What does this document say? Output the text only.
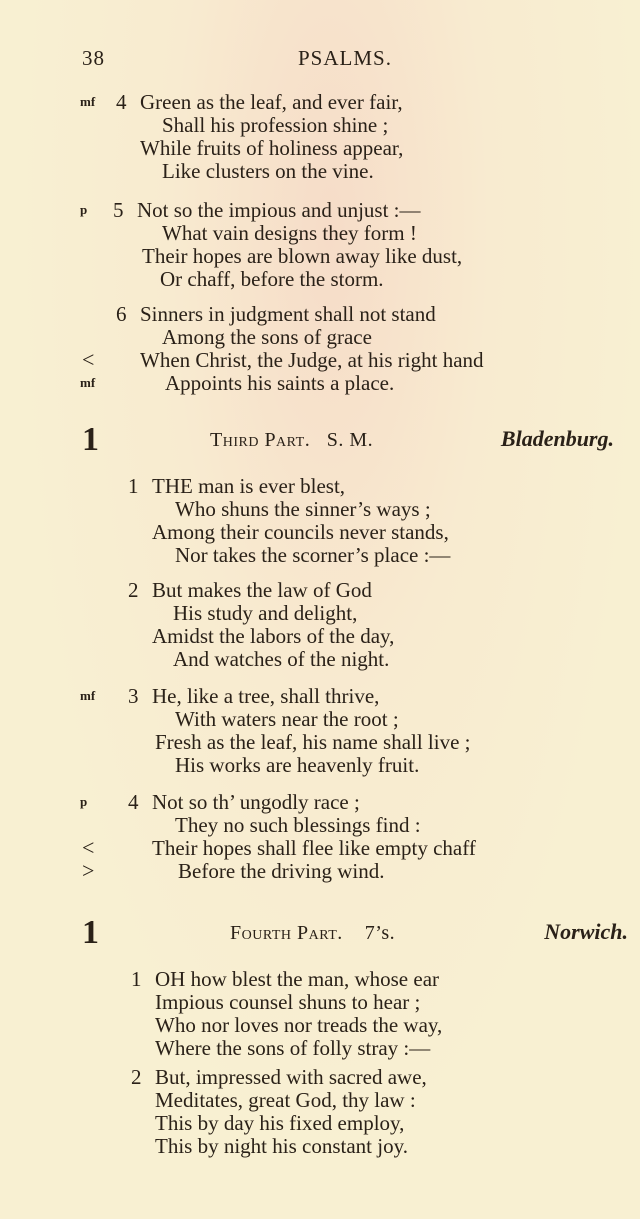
38	PSALMS.
1	Third Part. S. M.	Bladenburg.
1	Fourth Part. 7’s.	Norwich.
4 Green as the leaf, and ever fair,
mf
Shall his profession shine ;
While fruits of holiness appear,
Like clusters on the vine.
5 Not so the impious and unjust :—
p
What vain designs they form !
Their hopes are blown away like dust,
Or chaff, before the storm.
6 Sinners in judgment shall not stand
Among the sons of grace
When Christ, the Judge, at his right hand
<
Appoints his saints a place.
mf
1 THE man is ever blest,
Who shuns the sinner’s ways ;
Among their councils never stands,
Nor takes the scorner’s place :—
2 But makes the law of God
His study and delight,
Amidst the labors of the day,
And watches of the night.
3 He, like a tree, shall thrive,
mf
With waters near the root ;
Fresh as the leaf, his name shall live ;
His works are heavenly fruit.
4 Not so th’ ungodly race ;
p
They no such blessings find :
Their hopes shall flee like empty chaff
<
Before the driving wind.
>
1 OH how blest the man, whose ear
Impious counsel shuns to hear ;
Who nor loves nor treads the way,
Where the sons of folly stray :—
2 But, impressed with sacred awe,
Meditates, great God, thy law :
This by day his fixed employ,
This by night his constant joy.
